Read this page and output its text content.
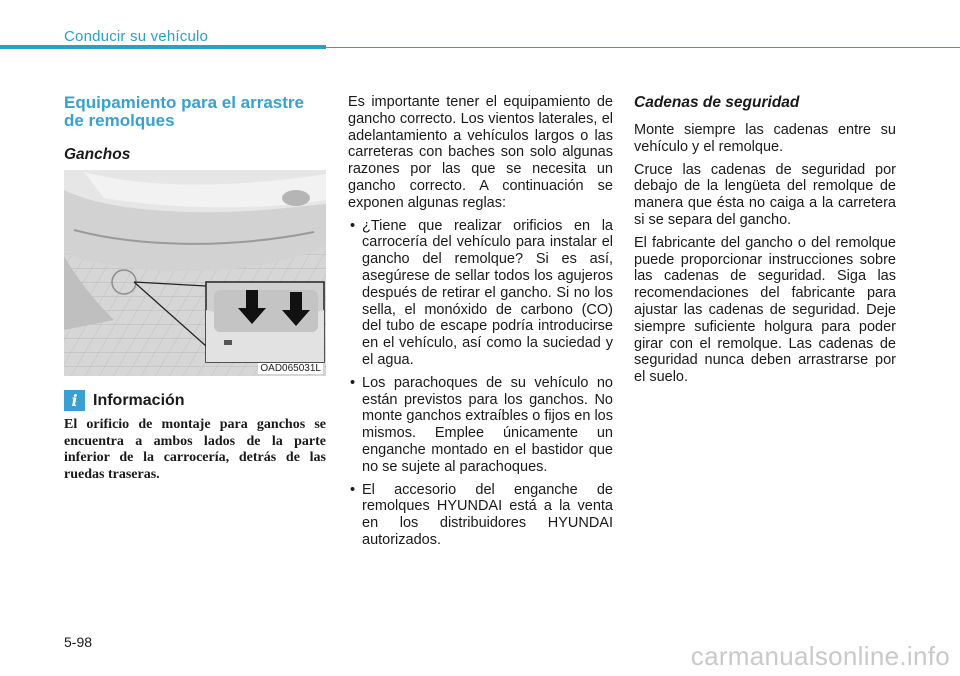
Conducir su vehículo
Equipamiento para el arrastre de remolques
Ganchos
OAD065031L
i Información

El orificio de montaje para ganchos se encuentra a ambos lados de la parte inferior de la carrocería, detrás de las ruedas traseras.

Es importante tener el equipamiento de gancho correcto. Los vientos laterales, el adelantamiento a vehículos largos o las carreteras con baches son solo algunas razones por las que se necesita un gancho correcto. A continuación se exponen algunas reglas:

• ¿Tiene que realizar orificios en la carrocería del vehículo para instalar el gancho del remolque? Si es así, asegúrese de sellar todos los agujeros después de retirar el gancho. Si no los sella, el monóxido de carbono (CO) del tubo de escape podría introducirse en el vehículo, así como la suciedad y el agua.

• Los parachoques de su vehículo no están previstos para los ganchos. No monte ganchos extraíbles o fijos en los mismos. Emplee únicamente un enganche montado en el bastidor que no se sujete al parachoques.

• El accesorio del enganche de remolques HYUNDAI está a la venta en los distribuidores HYUNDAI autorizados.

Cadenas de seguridad

Monte siempre las cadenas entre su vehículo y el remolque.

Cruce las cadenas de seguridad por debajo de la lengüeta del remolque de manera que ésta no caiga a la carretera si se separa del gancho.

El fabricante del gancho o del remolque puede proporcionar instrucciones sobre las cadenas de seguridad. Siga las recomendaciones del fabricante para ajustar las cadenas de seguridad. Deje siempre suficiente holgura para poder girar con el remolque. Las cadenas de seguridad nunca deben arrastrarse por el suelo.

5-98	carmanualsonline.info
